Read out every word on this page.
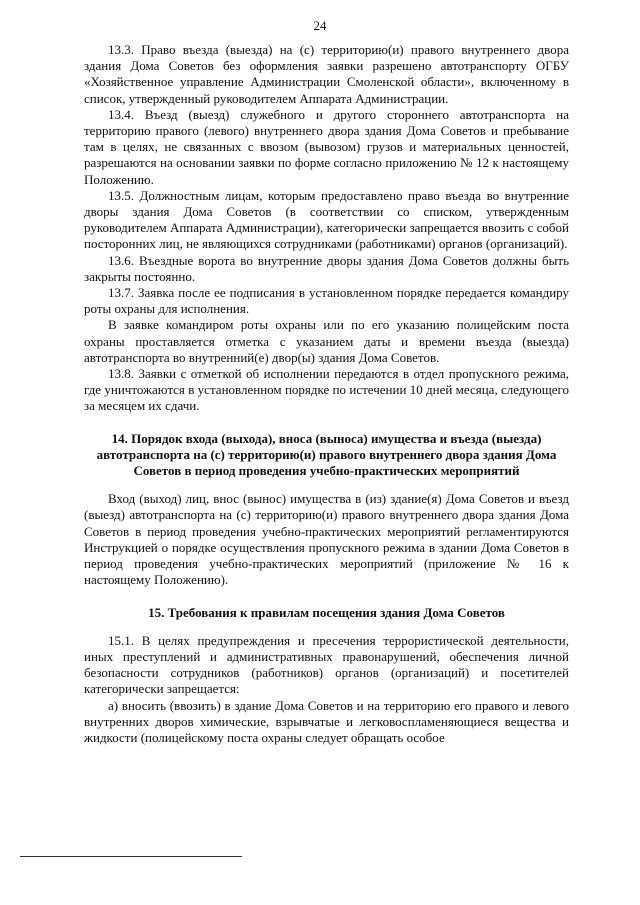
24

13.3. Право въезда (выезда) на (с) территорию(и) правого внутреннего двора здания Дома Советов без оформления заявки разрешено автотранспорту ОГБУ «Хозяйственное управление Администрации Смоленской области», включенному в список, утвержденный руководителем Аппарата Администрации.

13.4. Въезд (выезд) служебного и другого стороннего автотранспорта на территорию правого (левого) внутреннего двора здания Дома Советов и пребывание там в целях, не связанных с ввозом (вывозом) грузов и материальных ценностей, разрешаются на основании заявки по форме согласно приложению № 12 к настоящему Положению.

13.5. Должностным лицам, которым предоставлено право въезда во внутренние дворы здания Дома Советов (в соответствии со списком, утвержденным руководителем Аппарата Администрации), категорически запрещается ввозить с собой посторонних лиц, не являющихся сотрудниками (работниками) органов (организаций).

13.6. Въездные ворота во внутренние дворы здания Дома Советов должны быть закрыты постоянно.

13.7. Заявка после ее подписания в установленном порядке передается командиру роты охраны для исполнения.

В заявке командиром роты охраны или по его указанию полицейским поста охраны проставляется отметка с указанием даты и времени въезда (выезда) автотранспорта во внутренний(е) двор(ы) здания Дома Советов.

13.8. Заявки с отметкой об исполнении передаются в отдел пропускного режима, где уничтожаются в установленном порядке по истечении 10 дней месяца, следующего за месяцем их сдачи.

14. Порядок входа (выхода), вноса (выноса) имущества и въезда (выезда) автотранспорта на (с) территорию(и) правого внутреннего двора здания Дома Советов в период проведения учебно-практических мероприятий

Вход (выход) лиц, внос (вынос) имущества в (из) здание(я) Дома Советов и въезд (выезд) автотранспорта на (с) территорию(и) правого внутреннего двора здания Дома Советов в период проведения учебно-практических мероприятий регламентируются Инструкцией о порядке осуществления пропускного режима в здании Дома Советов в период проведения учебно-практических мероприятий (приложение № 16 к настоящему Положению).

15. Требования к правилам посещения здания Дома Советов

15.1. В целях предупреждения и пресечения террористической деятельности, иных преступлений и административных правонарушений, обеспечения личной безопасности сотрудников (работников) органов (организаций) и посетителей категорически запрещается:

а) вносить (ввозить) в здание Дома Советов и на территорию его правого и левого внутренних дворов химические, взрывчатые и легковоспламеняющиеся вещества и жидкости (полицейскому поста охраны следует обращать особое
